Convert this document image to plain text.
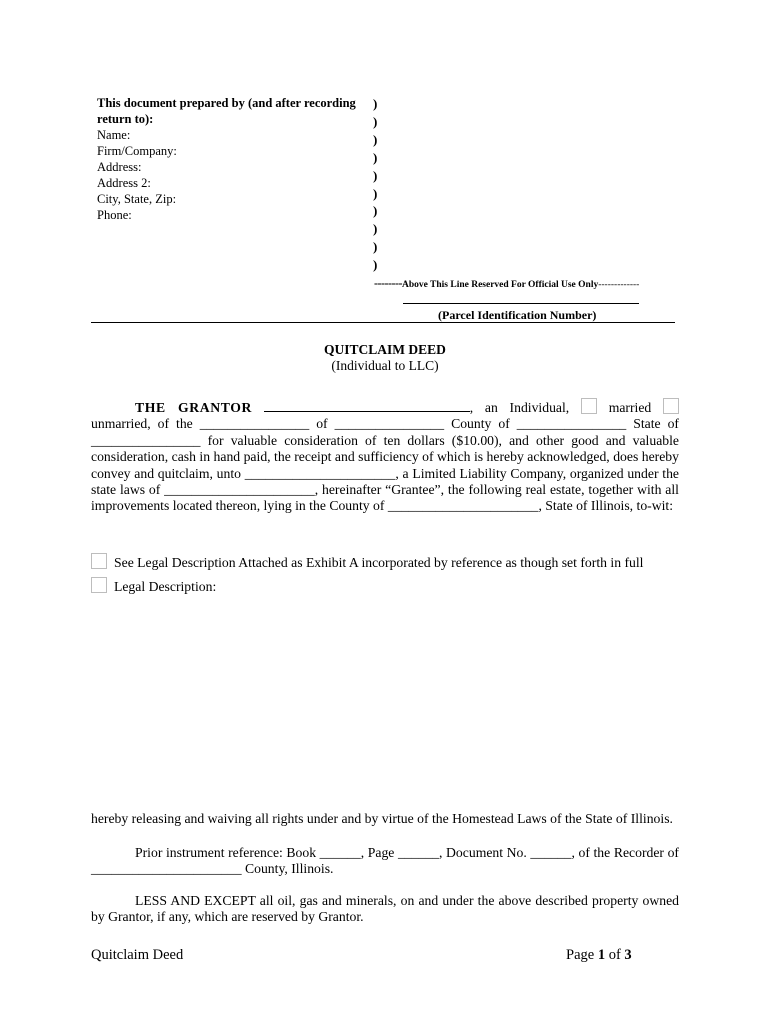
This document prepared by (and after recording return to):
Name:
Firm/Company:
Address:
Address 2:
City, State, Zip:
Phone:
)
)
)
)
)
)
)
)
)
)
--------Above This Line Reserved For Official Use Only-------------
(Parcel Identification Number)
QUITCLAIM DEED
(Individual to LLC)
THE GRANTOR	, an Individual,  married  unmarried, of the ________________ of ________________ County of ________________ State of ________________ for valuable consideration of ten dollars ($10.00), and other good and valuable consideration, cash in hand paid, the receipt and sufficiency of which is hereby acknowledged, does hereby convey and quitclaim, unto ______________________, a Limited Liability Company, organized under the state laws of ______________________, hereinafter “Grantee”, the following real estate, together with all improvements located thereon, lying in the County of ______________________, State of Illinois, to-wit:
See Legal Description Attached as Exhibit A incorporated by reference as though set forth in full
Legal Description:
hereby releasing and waiving all rights under and by virtue of the Homestead Laws of the State of Illinois.
Prior instrument reference: Book ______, Page ______, Document No. ______, of the Recorder of ______________________ County, Illinois.
LESS AND EXCEPT all oil, gas and minerals, on and under the above described property owned by Grantor, if any, which are reserved by Grantor.
Quitclaim Deed	Page 1 of 3
